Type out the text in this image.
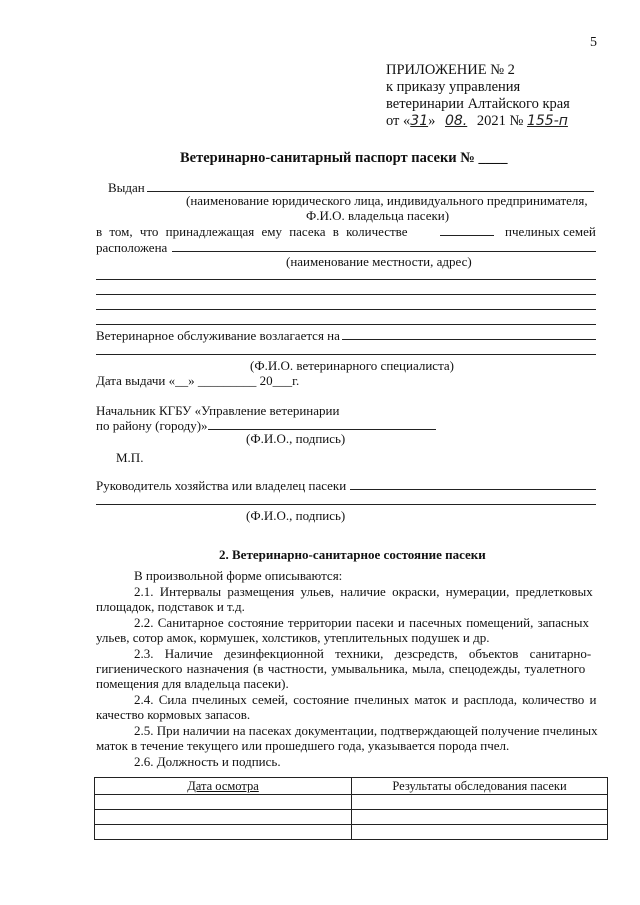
5
ПРИЛОЖЕНИЕ № 2
к приказу управления
ветеринарии Алтайского края
от «31» 08. 2021 № 155-п
Ветеринарно-санитарный паспорт пасеки № ____
Выдан
(наименование юридического лица, индивидуального предпринимателя,
Ф.И.О. владельца пасеки)
в том, что принадлежащая ему пасека в количестве	пчелиных семей
расположена
(наименование местности, адрес)
Ветеринарное обслуживание возлагается на
(Ф.И.О. ветеринарного специалиста)
Дата выдачи «__» _________ 20___г.
Начальник КГБУ «Управление ветеринарии
по району (городу)»
(Ф.И.О., подпись)
М.П.
Руководитель хозяйства или владелец пасеки
(Ф.И.О., подпись)
2. Ветеринарно-санитарное состояние пасеки
В произвольной форме описываются:
2.1. Интервалы размещения ульев, наличие окраски, нумерации, предлетковых
площадок, подставок и т.д.
2.2. Санитарное состояние территории пасеки и пасечных помещений, запасных
ульев, сотор амок, кормушек, холстиков, утеплительных подушек и др.
2.3. Наличие дезинфекционной техники, дезсредств, объектов санитарно-
гигиенического назначения (в частности, умывальника, мыла, спецодежды, туалетного
помещения для владельца пасеки).
2.4. Сила пчелиных семей, состояние пчелиных маток и расплода, количество и
качество кормовых запасов.
2.5. При наличии на пасеках документации, подтверждающей получение пчелиных
маток в течение текущего или прошедшего года, указывается порода пчел.
2.6. Должность и подпись.
Дата осмотра	Результаты обследования пасеки
